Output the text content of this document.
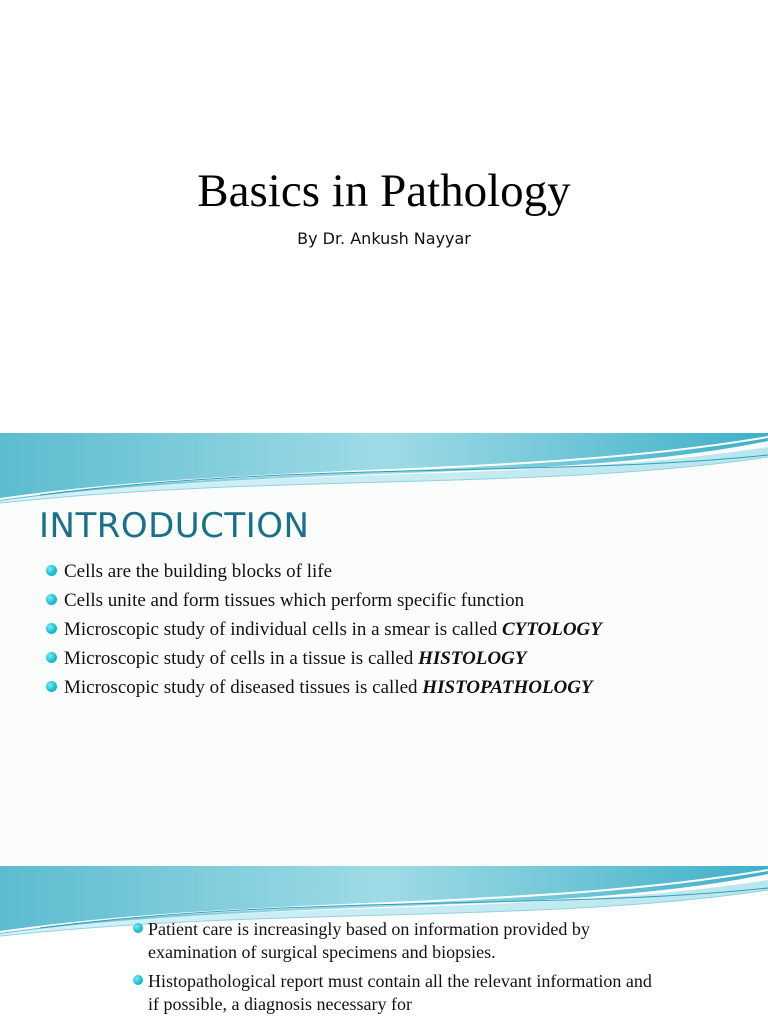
Basics in Pathology
By Dr. Ankush Nayyar
INTRODUCTION
Cells are the building blocks of life
Cells unite and form tissues which perform specific function
Microscopic study of individual cells in a smear is called CYTOLOGY
Microscopic study of cells in a tissue is called HISTOLOGY
Microscopic study of diseased tissues is called HISTOPATHOLOGY
Patient care is increasingly based on information provided by examination of surgical specimens and biopsies.
Histopathological report must contain all the relevant information and if possible, a diagnosis necessary for
